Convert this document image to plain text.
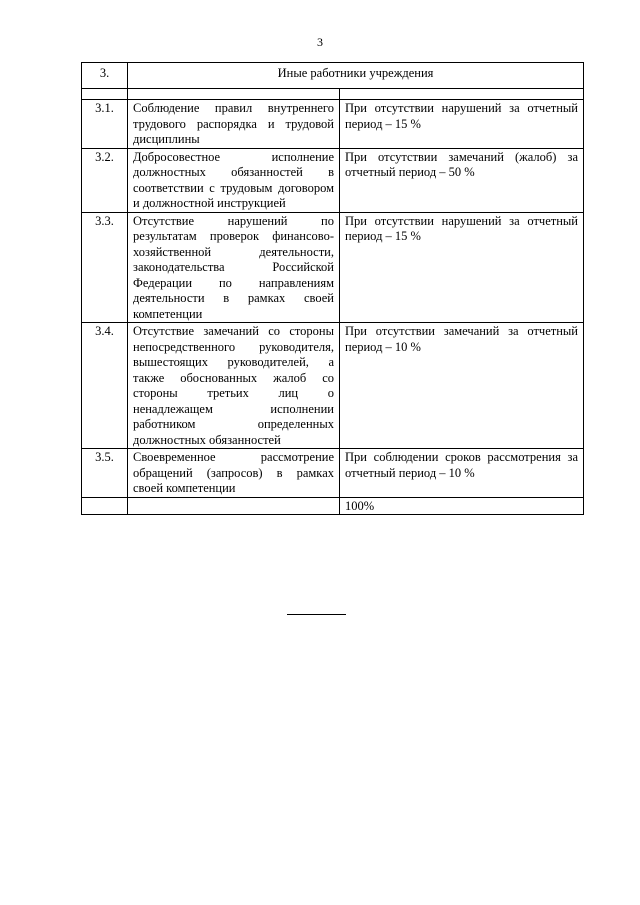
3
3.	Иные работники учреждения	

3.1.	Соблюдение правил внутреннего трудового распорядка и трудовой дисциплины	При отсутствии нарушений за отчетный период – 15 %
3.2.	Добросовестное исполнение должностных обязанностей в соответствии с трудовым договором и должностной инструкцией	При отсутствии замечаний (жалоб) за отчетный период – 50 %
3.3.	Отсутствие нарушений по результатам проверок финансово-хозяйственной деятельности, законодательства Российской Федерации по направлениям деятельности в рамках своей компетенции	При отсутствии нарушений за отчетный период – 15 %
3.4.	Отсутствие замечаний со стороны непосредственного руководителя, вышестоящих руководителей, а также обоснованных жалоб со стороны третьих лиц о ненадлежащем исполнении работником определенных должностных обязанностей	При отсутствии замечаний за отчетный период – 10 %
3.5.	Своевременное рассмотрение обращений (запросов) в рамках своей компетенции	При соблюдении сроков рассмотрения за отчетный период – 10 %
		100%
